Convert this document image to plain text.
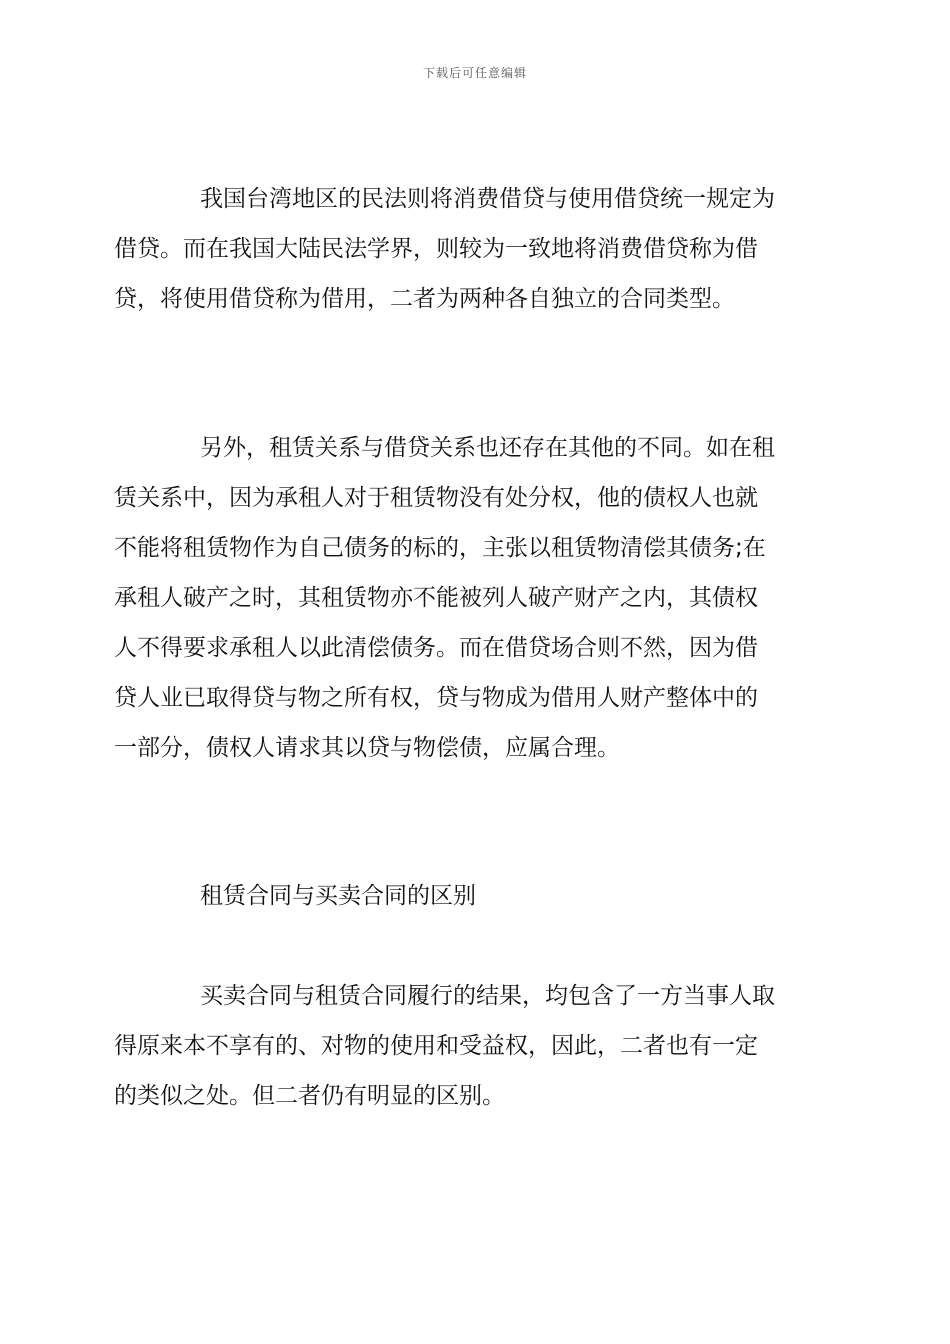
下载后可任意编辑

我国台湾地区的民法则将消费借贷与使用借贷统一规定为

借贷。而在我国大陆民法学界，则较为一致地将消费借贷称为借

贷，将使用借贷称为借用，二者为两种各自独立的合同类型。

另外，租赁关系与借贷关系也还存在其他的不同。如在租

赁关系中，因为承租人对于租赁物没有处分权，他的债权人也就

不能将租赁物作为自己债务的标的，主张以租赁物清偿其债务;在

承租人破产之时，其租赁物亦不能被列人破产财产之内，其债权

人不得要求承租人以此清偿债务。而在借贷场合则不然，因为借

贷人业已取得贷与物之所有权，贷与物成为借用人财产整体中的

一部分，债权人请求其以贷与物偿债，应属合理。

租赁合同与买卖合同的区别

买卖合同与租赁合同履行的结果，均包含了一方当事人取

得原来本不享有的、对物的使用和受益权，因此，二者也有一定

的类似之处。但二者仍有明显的区别。
